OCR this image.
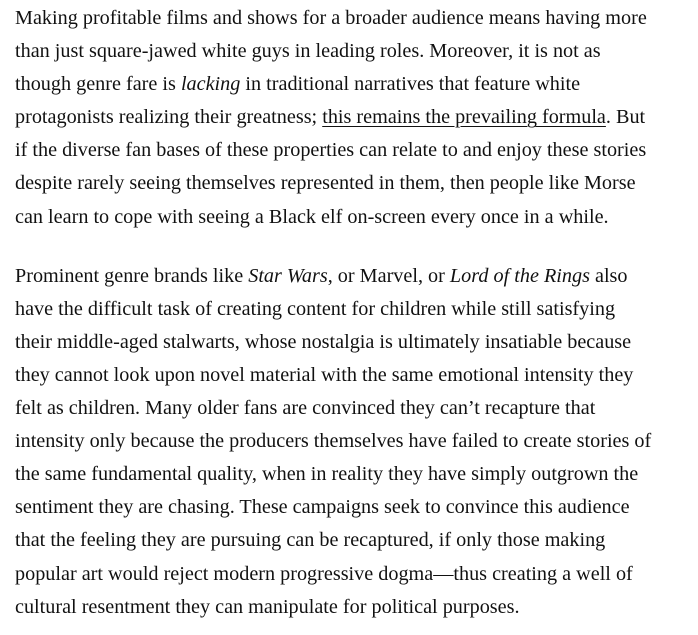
Making profitable films and shows for a broader audience means having more
than just square-jawed white guys in leading roles. Moreover, it is not as
though genre fare is lacking in traditional narratives that feature white
protagonists realizing their greatness; this remains the prevailing formula. But
if the diverse fan bases of these properties can relate to and enjoy these stories
despite rarely seeing themselves represented in them, then people like Morse
can learn to cope with seeing a Black elf on-screen every once in a while.

Prominent genre brands like Star Wars, or Marvel, or Lord of the Rings also
have the difficult task of creating content for children while still satisfying
their middle-aged stalwarts, whose nostalgia is ultimately insatiable because
they cannot look upon novel material with the same emotional intensity they
felt as children. Many older fans are convinced they can’t recapture that
intensity only because the producers themselves have failed to create stories of
the same fundamental quality, when in reality they have simply outgrown the
sentiment they are chasing. These campaigns seek to convince this audience
that the feeling they are pursuing can be recaptured, if only those making
popular art would reject modern progressive dogma—thus creating a well of
cultural resentment they can manipulate for political purposes.
